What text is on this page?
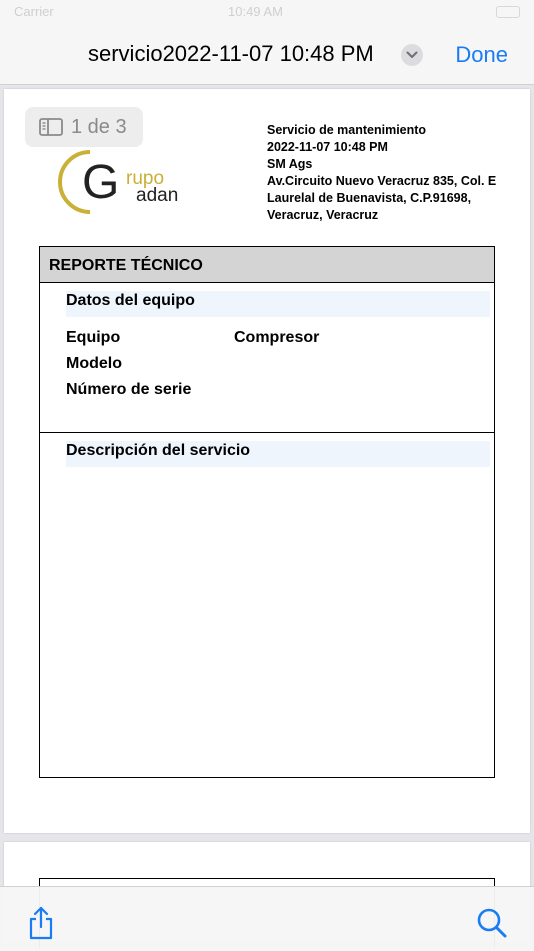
Carrier	10:49 AM
servicio2022-11-07 10:48 PM	Done
G rupo
adan
Servicio de mantenimiento
2022-11-07 10:48 PM
SM Ags
Av.Circuito Nuevo Veracruz 835, Col. E
Laurelal de Buenavista, C.P.91698,
Veracruz, Veracruz
REPORTE TÉCNICO
Datos del equipo
Equipo	Compresor
Modelo
Número de serie
Descripción del servicio
1 de 3
